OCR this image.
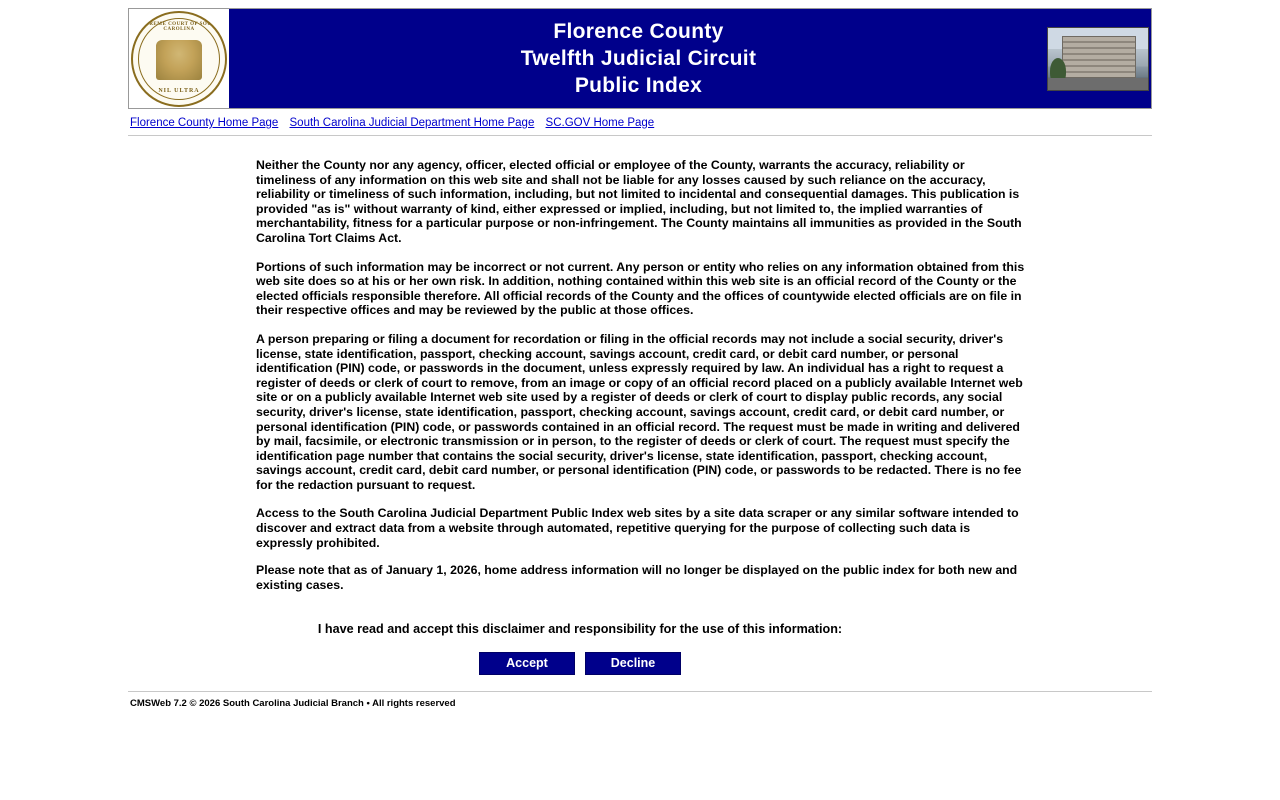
SUPREME COURT OF SOUTH CAROLINA
NIL ULTRA
Florence County
Twelfth Judicial Circuit
Public Index
Florence County Home Page South Carolina Judicial Department Home Page SC.GOV Home Page

Neither the County nor any agency, officer, elected official or employee of the County, warrants the accuracy, reliability or timeliness of any information on this web site and shall not be liable for any losses caused by such reliance on the accuracy, reliability or timeliness of such information, including, but not limited to incidental and consequential damages. This publication is provided "as is" without warranty of kind, either expressed or implied, including, but not limited to, the implied warranties of merchantability, fitness for a particular purpose or non-infringement. The County maintains all immunities as provided in the South Carolina Tort Claims Act.

Portions of such information may be incorrect or not current. Any person or entity who relies on any information obtained from this web site does so at his or her own risk. In addition, nothing contained within this web site is an official record of the County or the elected officials responsible therefore. All official records of the County and the offices of countywide elected officials are on file in their respective offices and may be reviewed by the public at those offices.

A person preparing or filing a document for recordation or filing in the official records may not include a social security, driver's license, state identification, passport, checking account, savings account, credit card, or debit card number, or personal identification (PIN) code, or passwords in the document, unless expressly required by law. An individual has a right to request a register of deeds or clerk of court to remove, from an image or copy of an official record placed on a publicly available Internet web site or on a publicly available Internet web site used by a register of deeds or clerk of court to display public records, any social security, driver's license, state identification, passport, checking account, savings account, credit card, or debit card number, or personal identification (PIN) code, or passwords contained in an official record. The request must be made in writing and delivered by mail, facsimile, or electronic transmission or in person, to the register of deeds or clerk of court. The request must specify the identification page number that contains the social security, driver's license, state identification, passport, checking account, savings account, credit card, debit card number, or personal identification (PIN) code, or passwords to be redacted. There is no fee for the redaction pursuant to request.

Access to the South Carolina Judicial Department Public Index web sites by a site data scraper or any similar software intended to discover and extract data from a website through automated, repetitive querying for the purpose of collecting such data is expressly prohibited.

Please note that as of January 1, 2026, home address information will no longer be displayed on the public index for both new and existing cases.

I have read and accept this disclaimer and responsibility for the use of this information:
Accept	Decline
CMSWeb 7.2 © 2026 South Carolina Judicial Branch • All rights reserved
